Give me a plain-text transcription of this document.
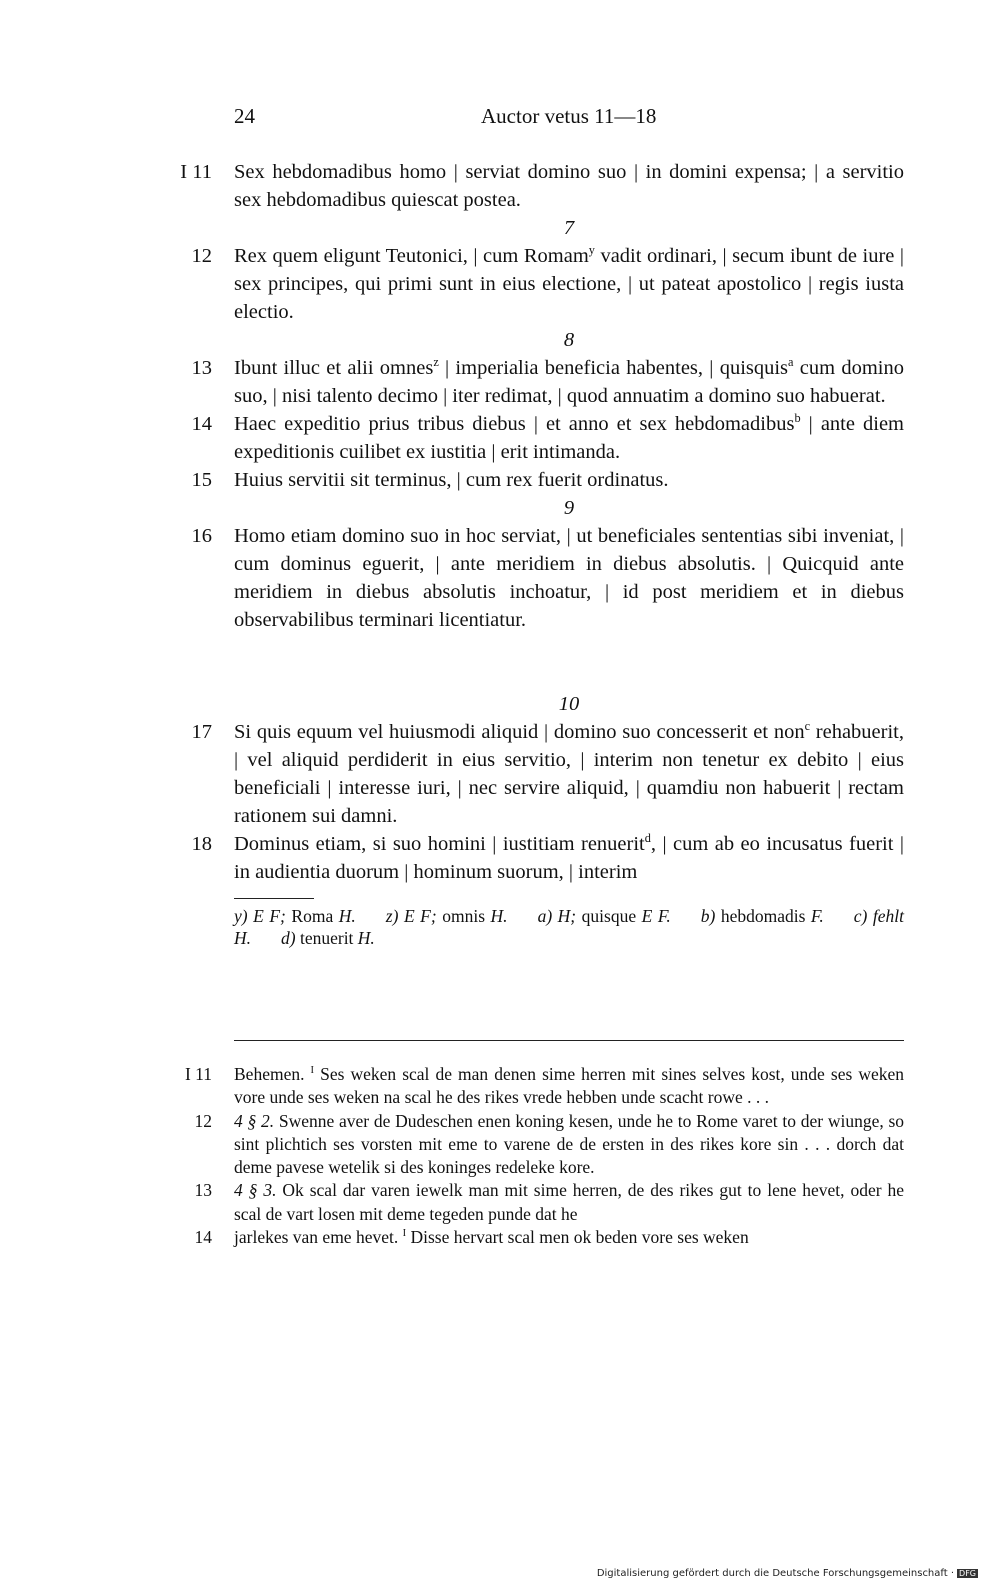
24	Auctor vetus 11—18
I 11 Sex hebdomadibus homo | serviat domino suo | in domini expensa; | a servitio sex hebdomadibus quiescat postea.
7
12 Rex quem eligunt Teutonici, | cum Romam$^y$ vadit ordinari, | secum ibunt de iure | sex principes, qui primi sunt in eius electione, | ut pateat apostolico | regis iusta electio.
8
13 Ibunt illuc et alii omnes$^z$ | imperialia beneficia habentes, | quisquis$^a$ cum domino suo, | nisi talento decimo | iter redimat, | quod annuatim a domino suo habuerat.
14 Haec expeditio prius tribus diebus | et anno et sex hebdomadibus$^b$ | ante diem expeditionis cuilibet ex iustitia | erit intimanda.
15 Huius servitii sit terminus, | cum rex fuerit ordinatus.
9
16 Homo etiam domino suo in hoc serviat, | ut beneficiales sententias sibi inveniat, | cum dominus eguerit, | ante meridiem in diebus absolutis. | Quicquid ante meridiem in diebus absolutis inchoatur, | id post meridiem et in diebus observabilibus terminari licentiatur.
10
17 Si quis equum vel huiusmodi aliquid | domino suo concesserit et non$^c$ rehabuerit, | vel aliquid perdiderit in eius servitio, | interim non tenetur ex debito | eius beneficiali | interesse iuri, | nec servire aliquid, | quamdiu non habuerit | rectam rationem sui damni.
18 Dominus etiam, si suo homini | iustitiam renuerit$^d$, | cum ab eo incusatus fuerit | in audientia duorum | hominum suorum, | interim
y) E F; Roma H. z) E F; omnis H. a) H; quisque E F. b) hebdomadis F. c) fehlt H. d) tenuerit H.
I 11 Behemen. $^I$ Ses weken scal de man denen sime herren mit sines selves kost, unde ses weken vore unde ses weken na scal he des rikes vrede hebben unde scacht rowe . . .
12 4 § 2. Swenne aver de Dudeschen enen koning kesen, unde he to Rome varet to der wiunge, so sint plichtich ses vorsten mit eme to varene de de ersten in des rikes kore sin . . . dorch dat deme pavese wetelik si des koninges redeleke kore.
13 4 § 3. Ok scal dar varen iewelk man mit sime herren, de des rikes gut to lene hevet, oder he scal de vart losen mit deme tegeden punde dat he
14 jarlekes van eme hevet. $^I$ Disse hervart scal men ok beden vore ses weken
Digitalisierung gefördert durch die Deutsche Forschungsgemeinschaft · DFG
